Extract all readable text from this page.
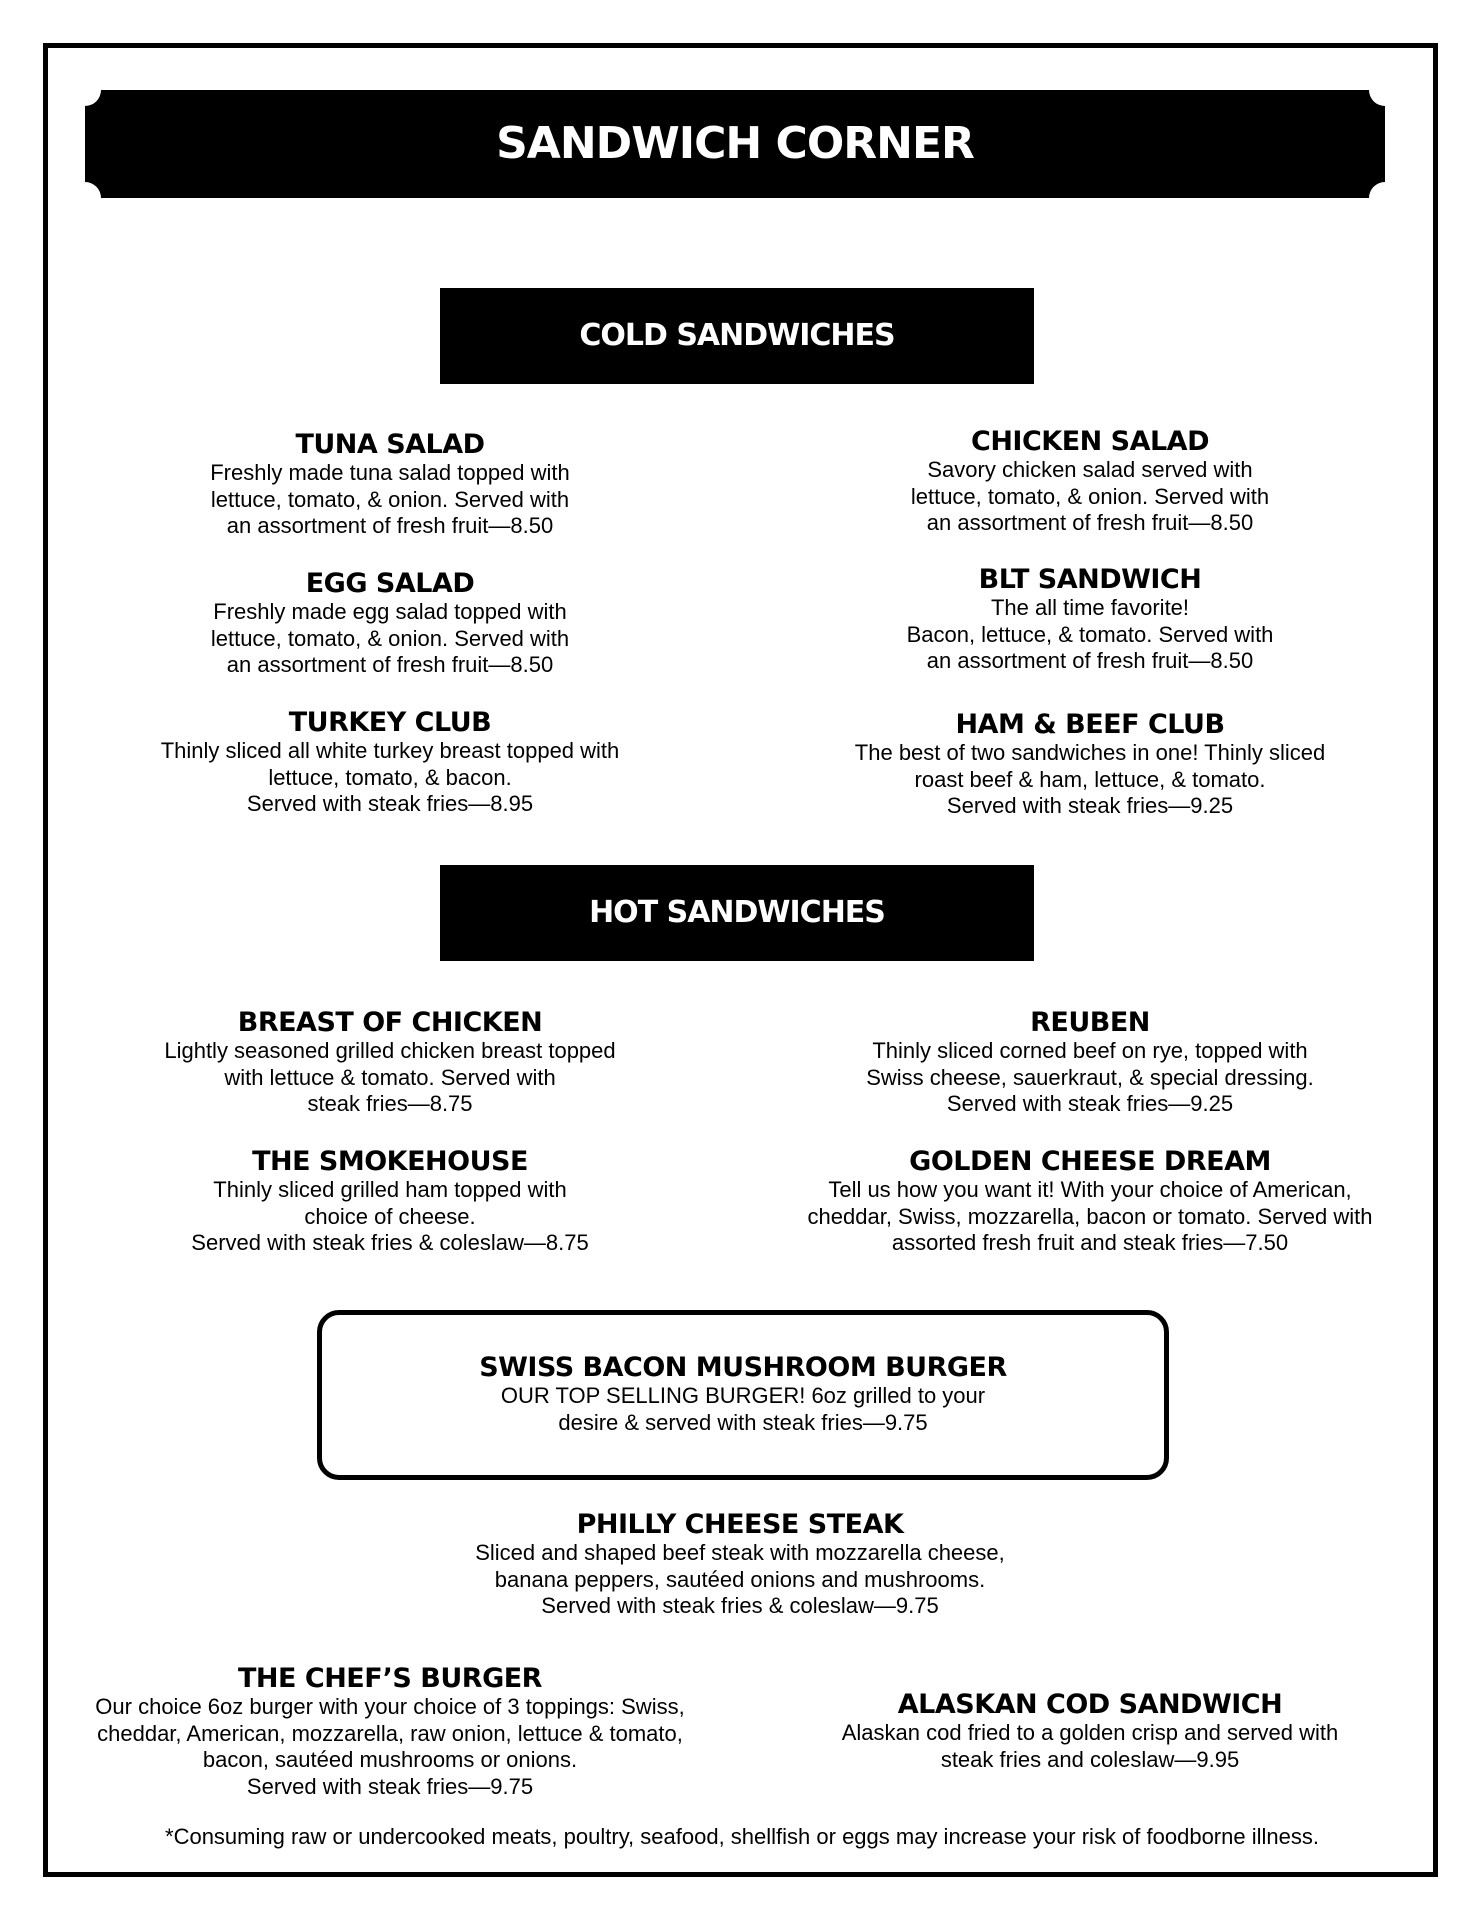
SANDWICH CORNER
COLD SANDWICHES
TUNA SALAD
Freshly made tuna salad topped with
lettuce, tomato, & onion. Served with
an assortment of fresh fruit—8.50
CHICKEN SALAD
Savory chicken salad served with
lettuce, tomato, & onion. Served with
an assortment of fresh fruit—8.50
EGG SALAD
Freshly made egg salad topped with
lettuce, tomato, & onion. Served with
an assortment of fresh fruit—8.50
BLT SANDWICH
The all time favorite!
Bacon, lettuce, & tomato. Served with
an assortment of fresh fruit—8.50
TURKEY CLUB
Thinly sliced all white turkey breast topped with
lettuce, tomato, & bacon.
Served with steak fries—8.95
HAM & BEEF CLUB
The best of two sandwiches in one! Thinly sliced
roast beef & ham, lettuce, & tomato.
Served with steak fries—9.25
HOT SANDWICHES
BREAST OF CHICKEN
Lightly seasoned grilled chicken breast topped
with lettuce & tomato. Served with
steak fries—8.75
REUBEN
Thinly sliced corned beef on rye, topped with
Swiss cheese, sauerkraut, & special dressing.
Served with steak fries—9.25
THE SMOKEHOUSE
Thinly sliced grilled ham topped with
choice of cheese.
Served with steak fries & coleslaw—8.75
GOLDEN CHEESE DREAM
Tell us how you want it! With your choice of American,
cheddar, Swiss, mozzarella, bacon or tomato. Served with
assorted fresh fruit and steak fries—7.50
SWISS BACON MUSHROOM BURGER
OUR TOP SELLING BURGER! 6oz grilled to your
desire & served with steak fries—9.75
PHILLY CHEESE STEAK
Sliced and shaped beef steak with mozzarella cheese,
banana peppers, sautéed onions and mushrooms.
Served with steak fries & coleslaw—9.75
THE CHEF’S BURGER
Our choice 6oz burger with your choice of 3 toppings: Swiss,
cheddar, American, mozzarella, raw onion, lettuce & tomato,
bacon, sautéed mushrooms or onions.
Served with steak fries—9.75
ALASKAN COD SANDWICH
Alaskan cod fried to a golden crisp and served with
steak fries and coleslaw—9.95
*Consuming raw or undercooked meats, poultry, seafood, shellfish or eggs may increase your risk of foodborne illness.
